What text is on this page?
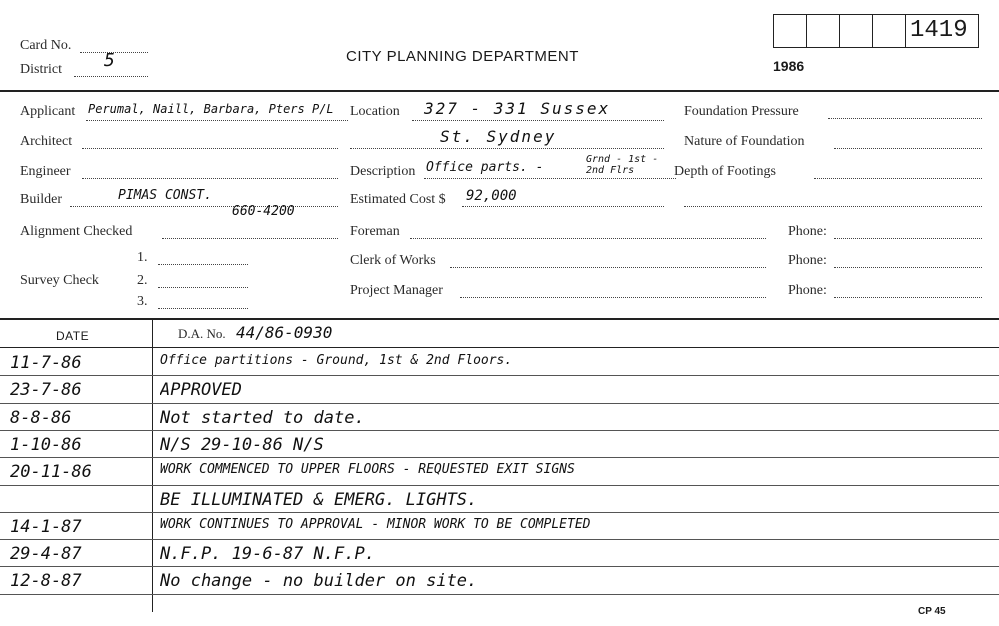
Card No.
District 5	CITY PLANNING DEPARTMENT
1986
1419
Applicant Perumal, Naill, Barbara, Pters P/L
Architect
Engineer
Builder	PIMAS CONST.
660-4200
Alignment Checked
Survey Check
1.
2.
3.
Location 327 - 331 Sussex
St. Sydney
Description Office parts. -
Grnd - 1st - 2nd Flrs
Estimated Cost $ 92,000
Foreman
Clerk of Works
Project Manager
Foundation Pressure
Nature of Foundation
Depth of Footings
Phone:
Phone:
Phone:
DATE	D.A. No. 44/86-0930
11-7-86	Office partitions - Ground, 1st & 2nd Floors.
23-7-86	APPROVED
8-8-86	Not started to date.
1-10-86	N/S 29-10-86 N/S
20-11-86	WORK COMMENCED TO UPPER FLOORS - REQUESTED EXIT SIGNS
BE ILLUMINATED & EMERG. LIGHTS.
14-1-87	WORK CONTINUES TO APPROVAL - MINOR WORK TO BE COMPLETED
29-4-87	N.F.P. 19-6-87 N.F.P.
12-8-87	No change - no builder on site.
CP 45
